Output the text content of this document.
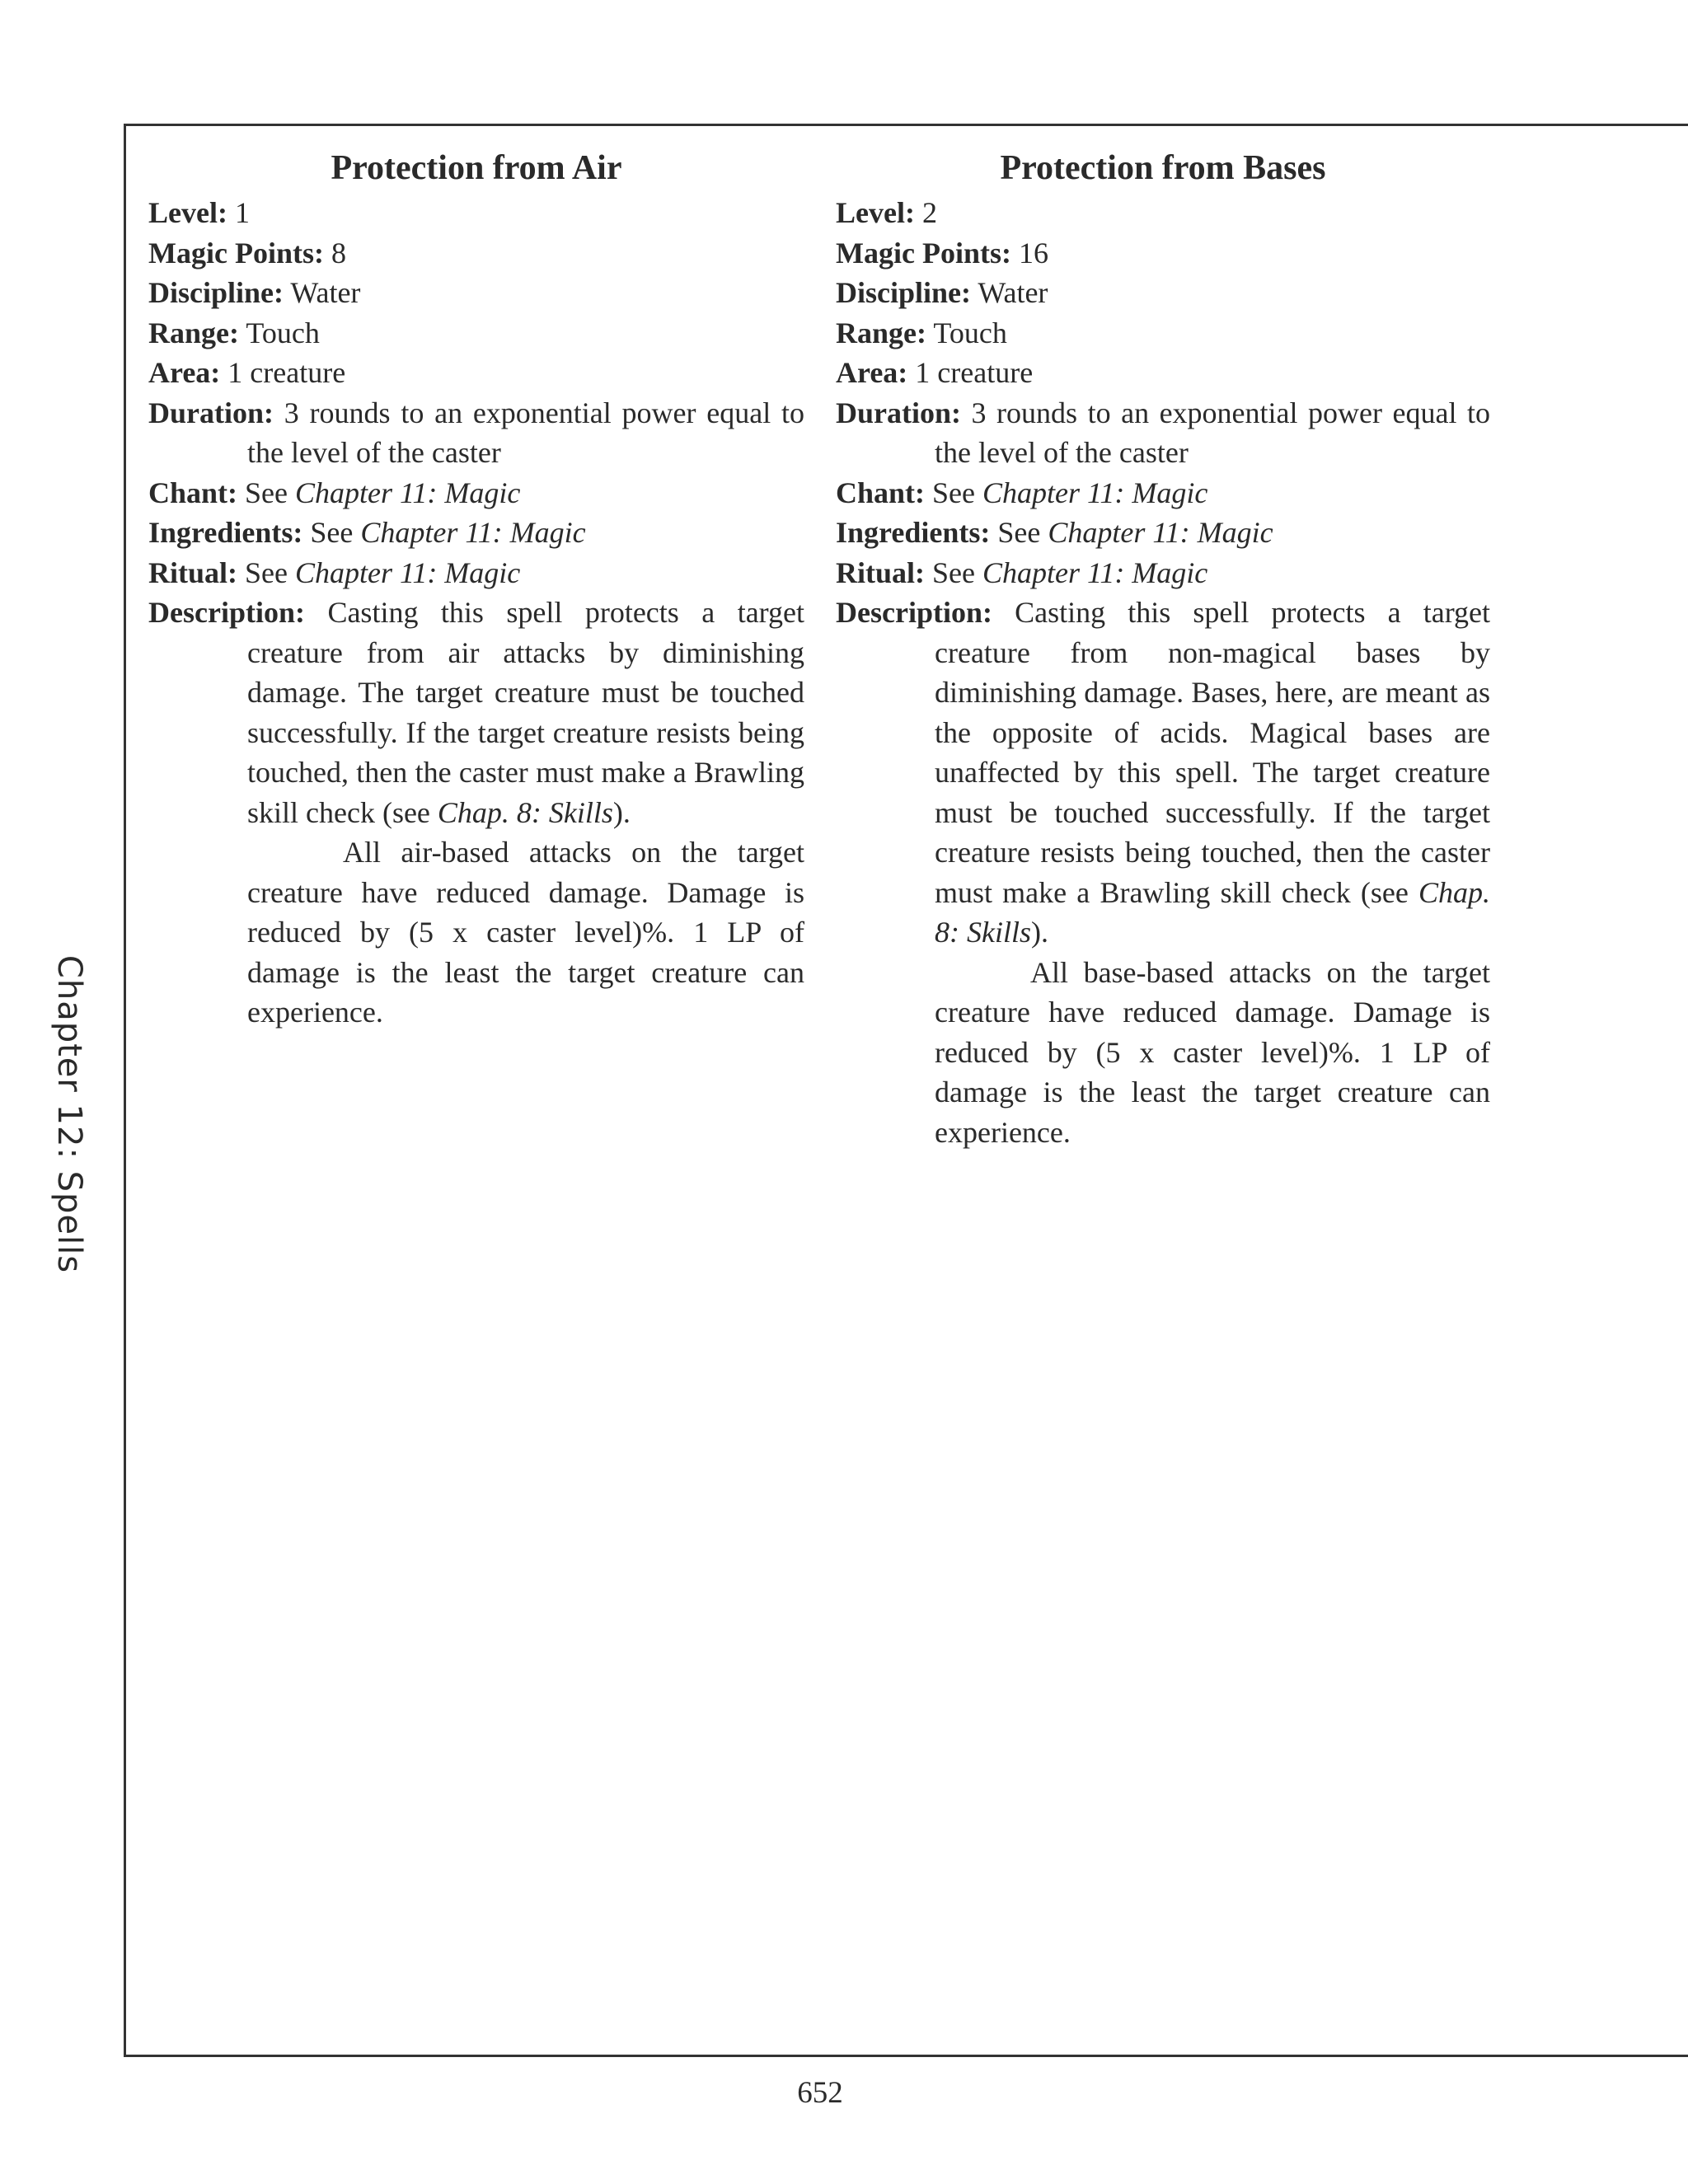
Chapter 12: Spells
Protection from Air
Level: 1
Magic Points: 8
Discipline: Water
Range: Touch
Area: 1 creature
Duration: 3 rounds to an exponential power equal to the level of the caster
Chant: See Chapter 11: Magic
Ingredients: See Chapter 11: Magic
Ritual: See Chapter 11: Magic
Description: Casting this spell protects a target

creature from air attacks by diminishing damage. The target creature must be touched successfully. If the target creature resists being touched, then the caster must make a Brawling skill check (see Chap. 8: Skills).

All air-based attacks on the target creature have reduced damage. Damage is reduced by (5 x caster level)%. 1 LP of damage is the least the target creature can experience.

Protection from Bases
Level: 2
Magic Points: 16
Discipline: Water
Range: Touch
Area: 1 creature
Duration: 3 rounds to an exponential power equal to the level of the caster
Chant: See Chapter 11: Magic
Ingredients: See Chapter 11: Magic
Ritual: See Chapter 11: Magic
Description: Casting this spell protects a target

creature from non-magical bases by diminishing damage. Bases, here, are meant as the opposite of acids. Magical bases are unaffected by this spell. The target creature must be touched successfully. If the target creature resists being touched, then the caster must make a Brawling skill check (see Chap. 8: Skills).

All base-based attacks on the target creature have reduced damage. Damage is reduced by (5 x caster level)%. 1 LP of damage is the least the target creature can experience.

652
